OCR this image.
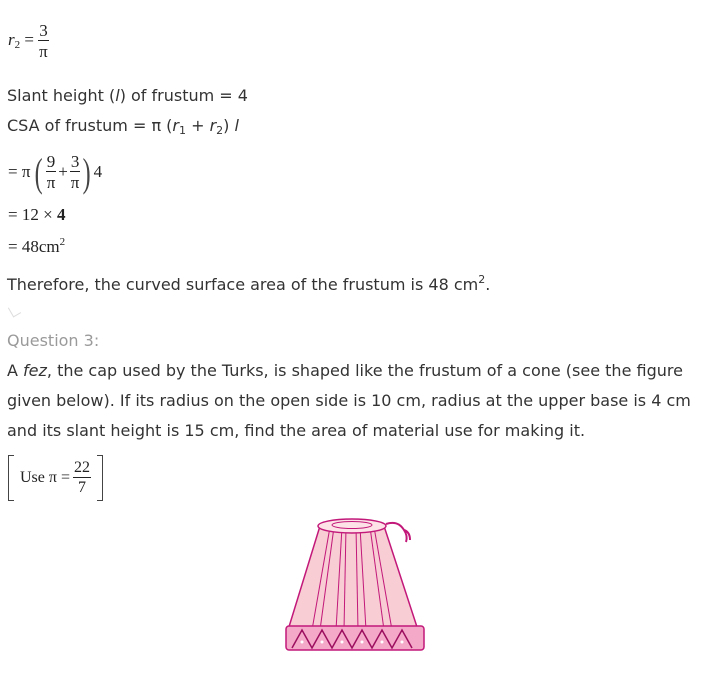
$r_2 = \frac{3}{\pi}$
Slant height (l) of frustum = 4
CSA of frustum = π $(r_1 + r_2)$ l
= π ( $\frac{9}{\pi} + \frac{3}{\pi}$ ) 4
= 12 × 4
= $48cm^2$
Therefore, the curved surface area of the frustum is 48 $cm^2$.
Question 3:
A fez, the cap used by the Turks, is shaped like the frustum of a cone (see the figure given below). If its radius on the open side is 10 cm, radius at the upper base is 4 cm and its slant height is 15 cm, find the area of material use for making it.
Use $\pi = \frac{22}{7}$
